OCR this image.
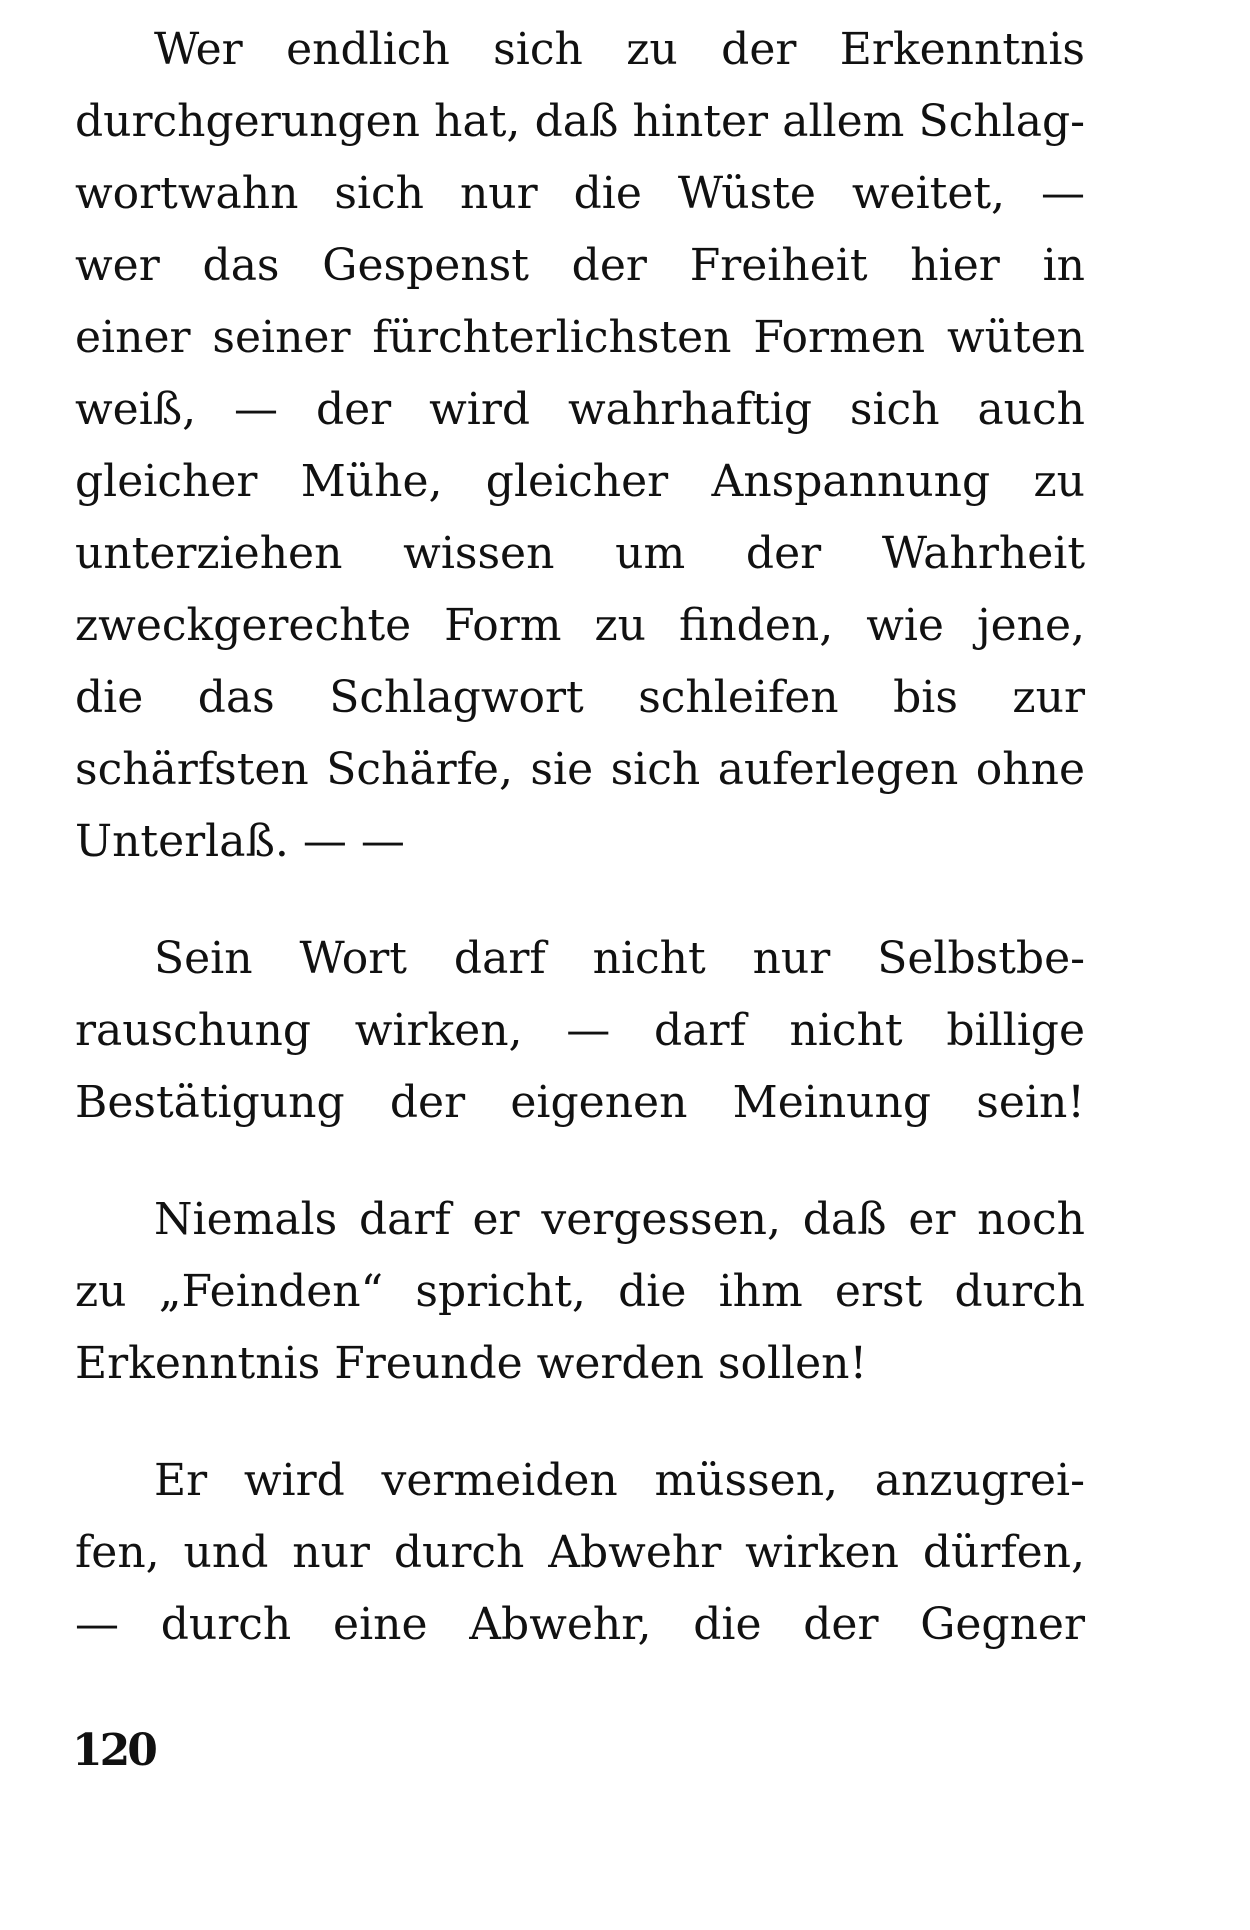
Wer endlich sich zu der Erkenntnis
durchgerungen hat, daß hinter allem Schlag-
wortwahn sich nur die Wüste weitet, —
wer das Gespenst der Freiheit hier in
einer seiner fürchterlichsten Formen wüten
weiß, — der wird wahrhaftig sich auch
gleicher Mühe, gleicher Anspannung zu
unterziehen wissen um der Wahrheit
zweckgerechte Form zu finden, wie jene,
die das Schlagwort schleifen bis zur
schärfsten Schärfe, sie sich auferlegen ohne
Unterlaß. — —
Sein Wort darf nicht nur Selbstbe-
rauschung wirken, — darf nicht billige
Bestätigung der eigenen Meinung sein!
Niemals darf er vergessen, daß er noch
zu „Feinden“ spricht, die ihm erst durch
Erkenntnis Freunde werden sollen!
Er wird vermeiden müssen, anzugrei-
fen, und nur durch Abwehr wirken dürfen,
— durch eine Abwehr, die der Gegner
120
